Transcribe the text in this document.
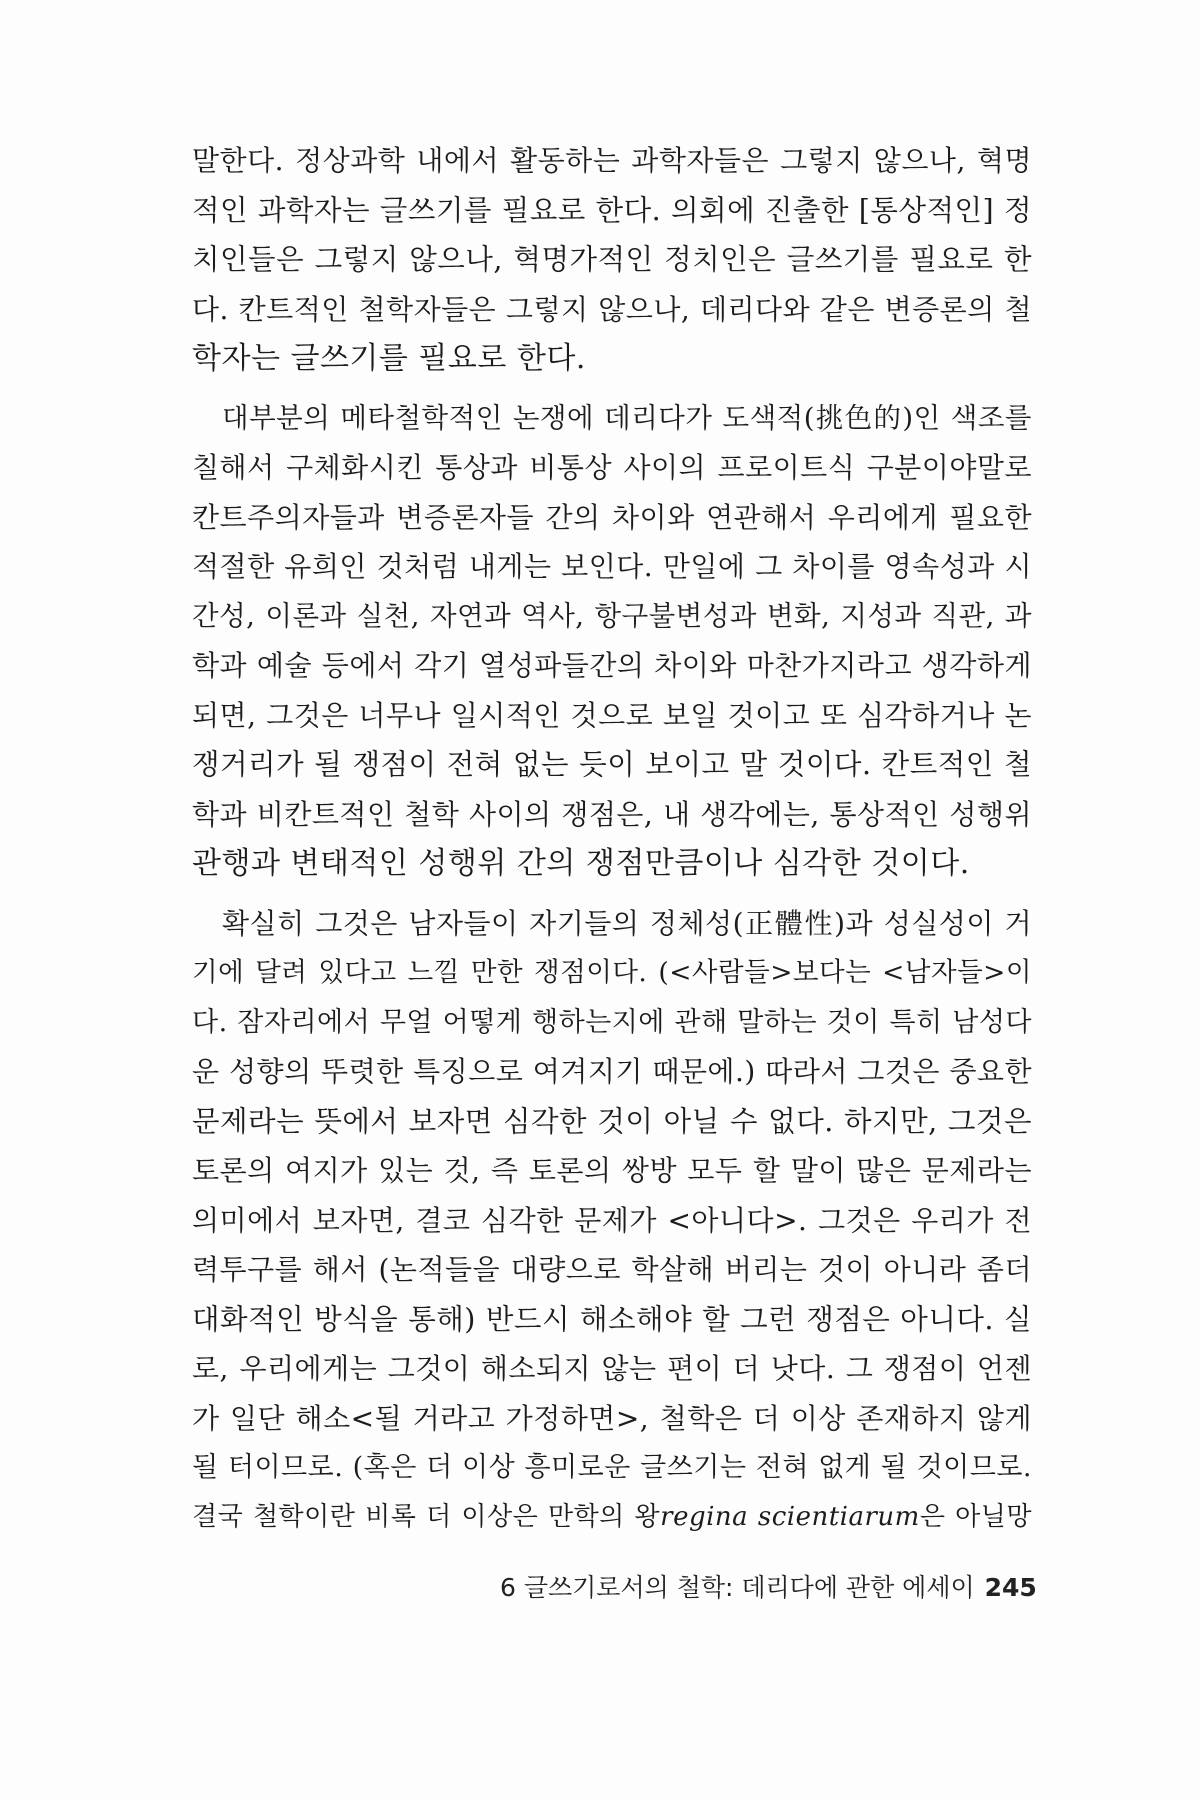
말한다. 정상과학 내에서 활동하는 과학자들은 그렇지 않으나, 혁명
적인 과학자는 글쓰기를 필요로 한다. 의회에 진출한 [통상적인] 정
치인들은 그렇지 않으나, 혁명가적인 정치인은 글쓰기를 필요로 한
다. 칸트적인 철학자들은 그렇지 않으나, 데리다와 같은 변증론의 철
학자는 글쓰기를 필요로 한다.
대부분의 메타철학적인 논쟁에 데리다가 도색적(挑色的)인 색조를
칠해서 구체화시킨 통상과 비통상 사이의 프로이트식 구분이야말로
칸트주의자들과 변증론자들 간의 차이와 연관해서 우리에게 필요한
적절한 유희인 것처럼 내게는 보인다. 만일에 그 차이를 영속성과 시
간성, 이론과 실천, 자연과 역사, 항구불변성과 변화, 지성과 직관, 과
학과 예술 등에서 각기 열성파들간의 차이와 마찬가지라고 생각하게
되면, 그것은 너무나 일시적인 것으로 보일 것이고 또 심각하거나 논
쟁거리가 될 쟁점이 전혀 없는 듯이 보이고 말 것이다. 칸트적인 철
학과 비칸트적인 철학 사이의 쟁점은, 내 생각에는, 통상적인 성행위
관행과 변태적인 성행위 간의 쟁점만큼이나 심각한 것이다.
확실히 그것은 남자들이 자기들의 정체성(正體性)과 성실성이 거
기에 달려 있다고 느낄 만한 쟁점이다. (<사람들>보다는 <남자들>이
다. 잠자리에서 무얼 어떻게 행하는지에 관해 말하는 것이 특히 남성다
운 성향의 뚜렷한 특징으로 여겨지기 때문에.) 따라서 그것은 중요한
문제라는 뜻에서 보자면 심각한 것이 아닐 수 없다. 하지만, 그것은
토론의 여지가 있는 것, 즉 토론의 쌍방 모두 할 말이 많은 문제라는
의미에서 보자면, 결코 심각한 문제가 <아니다>. 그것은 우리가 전
력투구를 해서 (논적들을 대량으로 학살해 버리는 것이 아니라 좀더
대화적인 방식을 통해) 반드시 해소해야 할 그런 쟁점은 아니다. 실
로, 우리에게는 그것이 해소되지 않는 편이 더 낫다. 그 쟁점이 언젠
가 일단 해소<될 거라고 가정하면>, 철학은 더 이상 존재하지 않게
될 터이므로. (혹은 더 이상 흥미로운 글쓰기는 전혀 없게 될 것이므로.
결국 철학이란 비록 더 이상은 만학의 왕regina scientiarum은 아닐망
6 글쓰기로서의 철학: 데리다에 관한 에세이 245
